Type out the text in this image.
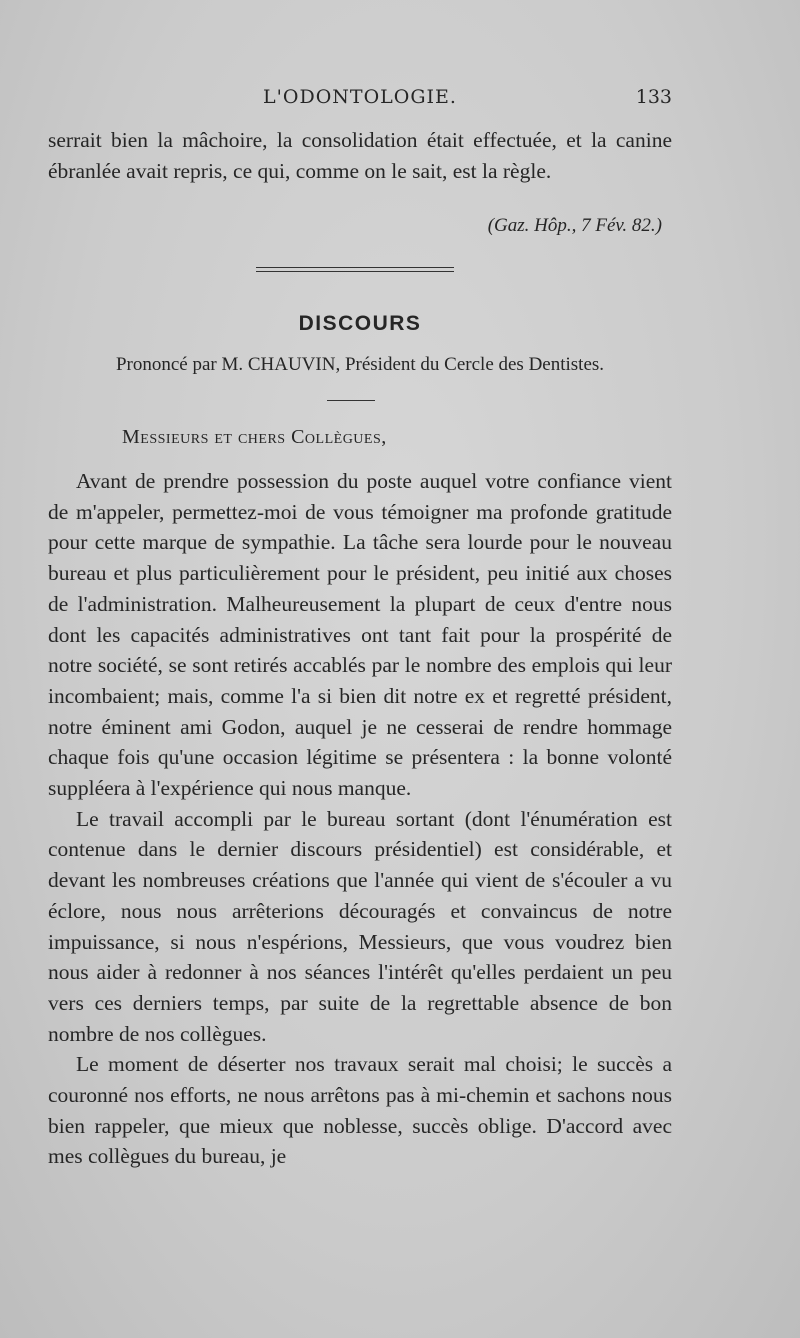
L'ODONTOLOGIE.	133

serrait bien la mâchoire, la consolidation était effectuée, et la canine ébranlée avait repris, ce qui, comme on le sait, est la règle.

(Gaz. Hôp., 7 Fév. 82.)
DISCOURS
Prononcé par M. CHAUVIN, Président du Cercle des Dentistes.
Messieurs et chers Collègues,

Avant de prendre possession du poste auquel votre confiance vient de m'appeler, permettez-moi de vous témoigner ma profonde gratitude pour cette marque de sympathie. La tâche sera lourde pour le nouveau bureau et plus particulièrement pour le président, peu initié aux choses de l'administration. Malheureusement la plupart de ceux d'entre nous dont les capacités administratives ont tant fait pour la prospérité de notre société, se sont retirés accablés par le nombre des emplois qui leur incombaient; mais, comme l'a si bien dit notre ex et regretté président, notre éminent ami Godon, auquel je ne cesserai de rendre hommage chaque fois qu'une occasion légitime se présentera : la bonne volonté suppléera à l'expérience qui nous manque.

Le travail accompli par le bureau sortant (dont l'énumération est contenue dans le dernier discours présidentiel) est considérable, et devant les nombreuses créations que l'année qui vient de s'écouler a vu éclore, nous nous arrêterions découragés et convaincus de notre impuissance, si nous n'espérions, Messieurs, que vous voudrez bien nous aider à redonner à nos séances l'intérêt qu'elles perdaient un peu vers ces derniers temps, par suite de la regrettable absence de bon nombre de nos collègues.

Le moment de déserter nos travaux serait mal choisi; le succès a couronné nos efforts, ne nous arrêtons pas à mi-chemin et sachons nous bien rappeler, que mieux que noblesse, succès oblige. D'accord avec mes collègues du bureau, je
